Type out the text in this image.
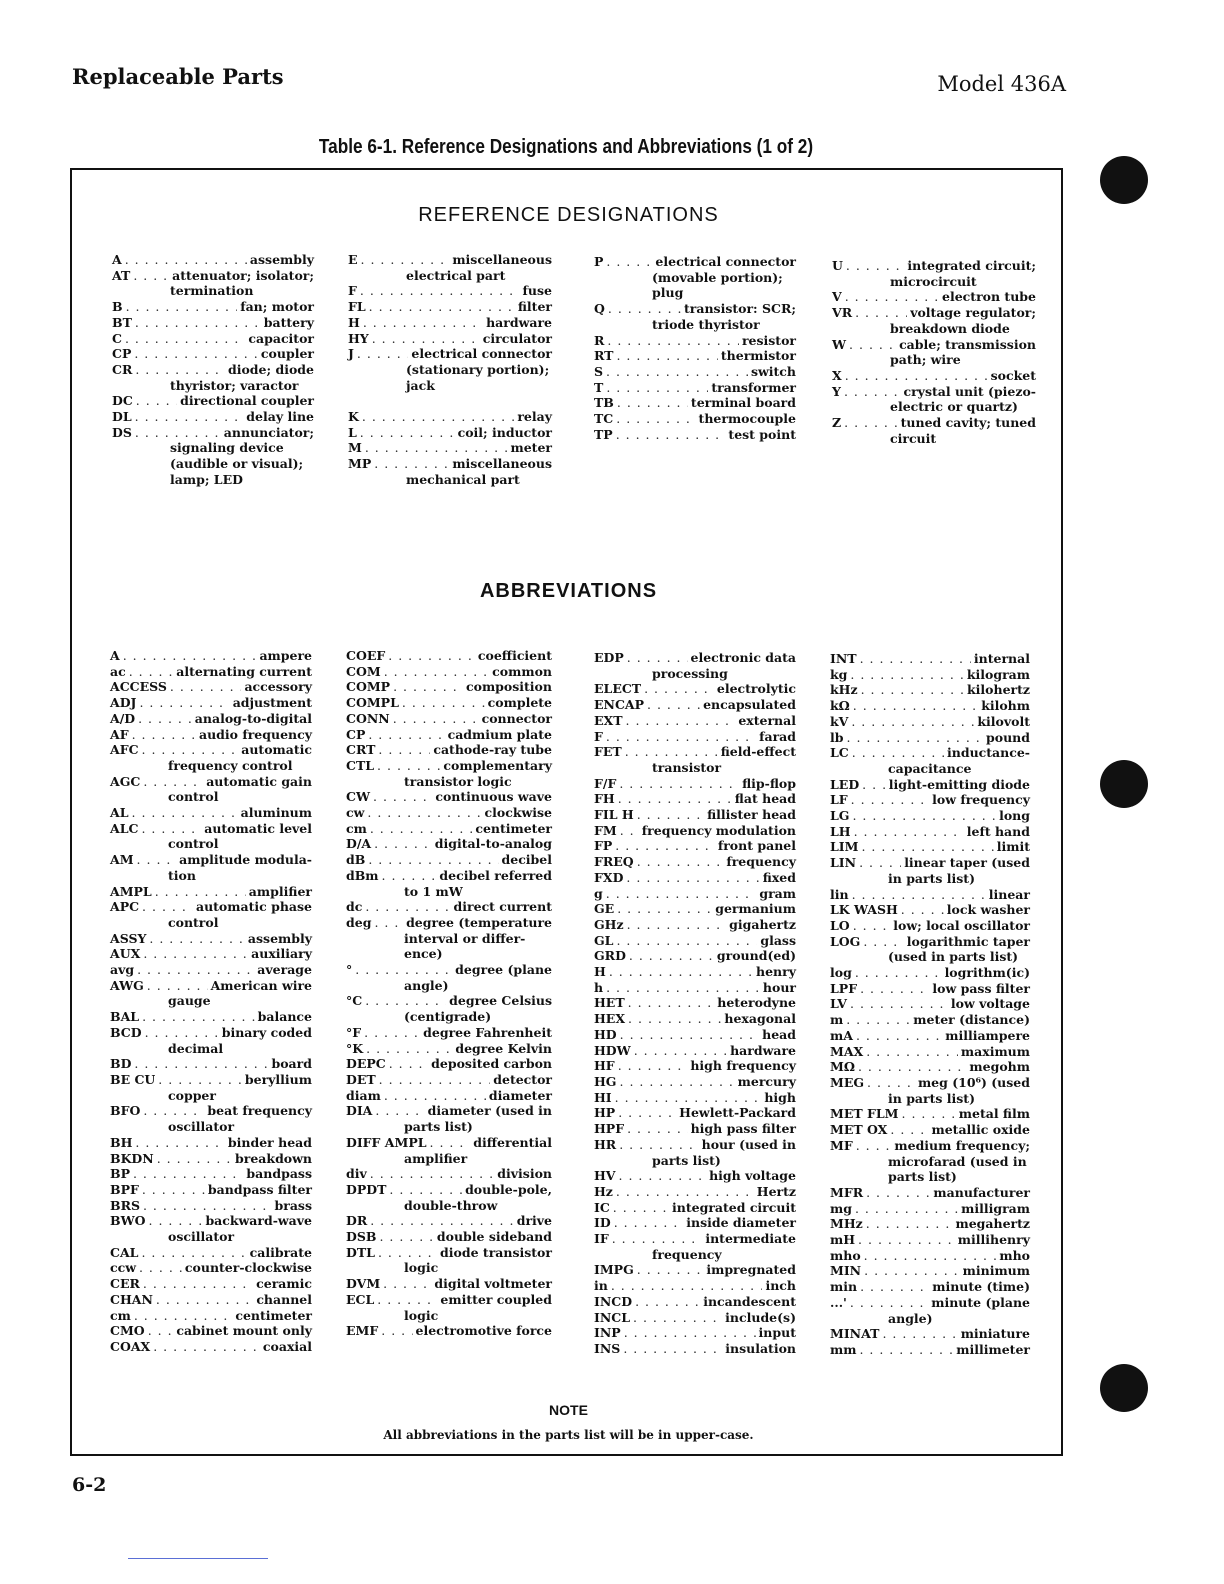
Replaceable Parts	Model 436A
Table 6-1. Reference Designations and Abbreviations (1 of 2)
REFERENCE DESIGNATIONS
A . . .	assembly
AT . . .	attenuator; isolator;
termination
B . . .	fan; motor
BT . . .	battery
C . . .	capacitor
CP . . .	coupler
CR . . .	diode; diode
thyristor; varactor
DC . . .	directional coupler
DL . . .	delay line
DS . . .	annunciator;
signaling device
(audible or visual);
lamp; LED
E . . .	miscellaneous
electrical part
F . . .	fuse
FL . . .	filter
H . . .	hardware
HY . . .	circulator
J . . .	electrical connector
(stationary portion);
jack
K . . .	relay
L . . .	coil; inductor
M . . .	meter
MP . . .	miscellaneous
mechanical part
P . . .	electrical connector
(movable portion);
plug
Q . . .	transistor: SCR;
triode thyristor
R . . .	resistor
RT . . .	thermistor
S . . .	switch
T . . .	transformer
TB . . .	terminal board
TC . . .	thermocouple
TP . . .	test point
U . . .	integrated circuit;
microcircuit
V . . .	electron tube
VR . . .	voltage regulator;
breakdown diode
W . . .	cable; transmission
path; wire
X . . .	socket
Y . . .	crystal unit (piezo-
electric or quartz)
Z . . .	tuned cavity; tuned
circuit
ABBREVIATIONS
A . . .	ampere
ac . . .	alternating current
ACCESS . . .	accessory
ADJ . . .	adjustment
A/D . . .	analog-to-digital
AF . . .	audio frequency
AFC . . .	automatic
frequency control
AGC . . .	automatic gain
control
AL . . .	aluminum
ALC . . .	automatic level
control
AM . . .	amplitude modula-
tion
AMPL . . .	amplifier
APC . . .	automatic phase
control
ASSY . . .	assembly
AUX . . .	auxiliary
avg . . .	average
AWG . . .	American wire
gauge
BAL . . .	balance
BCD . . .	binary coded
decimal
BD . . .	board
BE CU . . .	beryllium
copper
BFO . . .	beat frequency
oscillator
BH . . .	binder head
BKDN . . .	breakdown
BP . . .	bandpass
BPF . . .	bandpass filter
BRS . . .	brass
BWO . . .	backward-wave
oscillator
CAL . . .	calibrate
ccw . . .	counter-clockwise
CER . . .	ceramic
CHAN . . .	channel
cm . . .	centimeter
CMO . . .	cabinet mount only
COAX . . .	coaxial
COEF . . .	coefficient
COM . . .	common
COMP . . .	composition
COMPL . . .	complete
CONN . . .	connector
CP . . .	cadmium plate
CRT . . .	cathode-ray tube
CTL . . .	complementary
transistor logic
CW . . .	continuous wave
cw . . .	clockwise
cm . . .	centimeter
D/A . . .	digital-to-analog
dB . . .	decibel
dBm . . .	decibel referred
to 1 mW
dc . . .	direct current
deg . . .	degree (temperature
interval or differ-
ence)
° . . .	degree (plane
angle)
°C . . .	degree Celsius
(centigrade)
°F . . .	degree Fahrenheit
°K . . .	degree Kelvin
DEPC . . .	deposited carbon
DET . . .	detector
diam . . .	diameter
DIA . . .	diameter (used in
parts list)
DIFF AMPL . . .	differential
amplifier
div . . .	division
DPDT . . .	double-pole,
double-throw
DR . . .	drive
DSB . . .	double sideband
DTL . . .	diode transistor
logic
DVM . . .	digital voltmeter
ECL . . .	emitter coupled
logic
EMF . . .	electromotive force
EDP . . .	electronic data
processing
ELECT . . .	electrolytic
ENCAP . . .	encapsulated
EXT . . .	external
F . . .	farad
FET . . .	field-effect
transistor
F/F . . .	flip-flop
FH . . .	flat head
FIL H . . .	fillister head
FM . . . frequency modulation
FP . . .	front panel
FREQ . . .	frequency
FXD . . .	fixed
g . . .	gram
GE . . .	germanium
GHz . . .	gigahertz
GL . . .	glass
GRD . . .	ground(ed)
H . . .	henry
h . . .	hour
HET . . .	heterodyne
HEX . . .	hexagonal
HD . . .	head
HDW . . .	hardware
HF . . .	high frequency
HG . . .	mercury
HI . . .	high
HP . . .	Hewlett-Packard
HPF . . .	high pass filter
HR . . .	hour (used in
parts list)
HV . . .	high voltage
Hz . . .	Hertz
IC . . .	integrated circuit
ID . . .	inside diameter
IF . . .	intermediate
frequency
IMPG . . .	impregnated
in . . .	inch
INCD . . .	incandescent
INCL . . .	include(s)
INP . . .	input
INS . . .	insulation
INT . . .	internal
kg . . .	kilogram
kHz . . .	kilohertz
kΩ . . .	kilohm
kV . . .	kilovolt
lb . . .	pound
LC . . .	inductance-
capacitance
LED . . . light-emitting diode
LF . . .	low frequency
LG . . .	long
LH . . .	left hand
LIM . . .	limit
LIN . . .	linear taper (used
in parts list)
lin . . .	linear
LK WASH . . .	lock washer
LO . . .	low; local oscillator
LOG . . .	logarithmic taper
(used in parts list)
log . . .	logrithm(ic)
LPF . . .	low pass filter
LV . . .	low voltage
m . . .	meter (distance)
mA . . .	milliampere
MAX . . .	maximum
MΩ . . .	megohm
MEG . . .	meg (10⁶) (used
in parts list)
MET FLM . . .	metal film
MET OX . . .	metallic oxide
MF . . .	medium frequency;
microfarad (used in
parts list)
MFR . . .	manufacturer
mg . . .	milligram
MHz . . .	megahertz
mH . . .	millihenry
mho . . .	mho
MIN . . .	minimum
min . . .	minute (time)
...' . . .	minute (plane
angle)
MINAT . . .	miniature
mm . . .	millimeter
NOTE
All abbreviations in the parts list will be in upper-case.
6-2
